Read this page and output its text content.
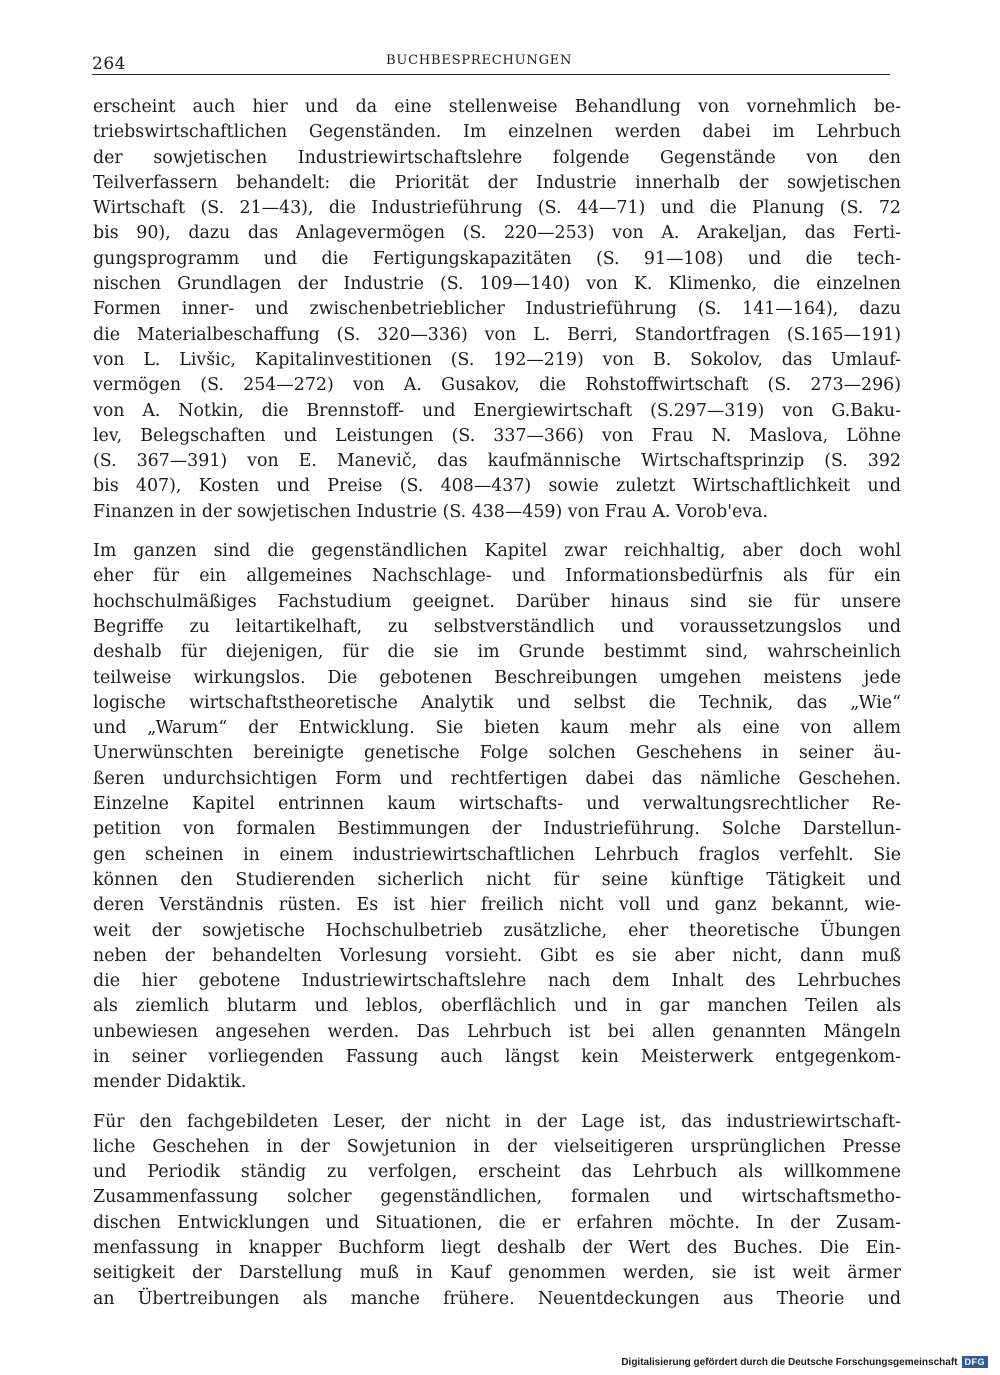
264	BUCHBESPRECHUNGEN
erscheint auch hier und da eine stellenweise Behandlung von vornehmlich be-
triebswirtschaftlichen Gegenständen. Im einzelnen werden dabei im Lehrbuch
der sowjetischen Industriewirtschaftslehre folgende Gegenstände von den
Teilverfassern behandelt: die Priorität der Industrie innerhalb der sowjetischen
Wirtschaft (S. 21—43), die Industrieführung (S. 44—71) und die Planung (S. 72
bis 90), dazu das Anlagevermögen (S. 220—253) von A. Arakeljan, das Ferti-
gungsprogramm und die Fertigungskapazitäten (S. 91—108) und die tech-
nischen Grundlagen der Industrie (S. 109—140) von K. Klimenko, die einzelnen
Formen inner- und zwischenbetrieblicher Industrieführung (S. 141—164), dazu
die Materialbeschaffung (S. 320—336) von L. Berri, Standortfragen (S.165—191)
von L. Livšic, Kapitalinvestitionen (S. 192—219) von B. Sokolov, das Umlauf-
vermögen (S. 254—272) von A. Gusakov, die Rohstoffwirtschaft (S. 273—296)
von A. Notkin, die Brennstoff- und Energiewirtschaft (S.297—319) von G.Baku-
lev, Belegschaften und Leistungen (S. 337—366) von Frau N. Maslova, Löhne
(S. 367—391) von E. Manevič, das kaufmännische Wirtschaftsprinzip (S. 392
bis 407), Kosten und Preise (S. 408—437) sowie zuletzt Wirtschaftlichkeit und
Finanzen in der sowjetischen Industrie (S. 438—459) von Frau A. Vorob'eva.
Im ganzen sind die gegenständlichen Kapitel zwar reichhaltig, aber doch wohl
eher für ein allgemeines Nachschlage- und Informationsbedürfnis als für ein
hochschulmäßiges Fachstudium geeignet. Darüber hinaus sind sie für unsere
Begriffe zu leitartikelhaft, zu selbstverständlich und voraussetzungslos und
deshalb für diejenigen, für die sie im Grunde bestimmt sind, wahrscheinlich
teilweise wirkungslos. Die gebotenen Beschreibungen umgehen meistens jede
logische wirtschaftstheoretische Analytik und selbst die Technik, das „Wie“
und „Warum“ der Entwicklung. Sie bieten kaum mehr als eine von allem
Unerwünschten bereinigte genetische Folge solchen Geschehens in seiner äu-
ßeren undurchsichtigen Form und rechtfertigen dabei das nämliche Geschehen.
Einzelne Kapitel entrinnen kaum wirtschafts- und verwaltungsrechtlicher Re-
petition von formalen Bestimmungen der Industrieführung. Solche Darstellun-
gen scheinen in einem industriewirtschaftlichen Lehrbuch fraglos verfehlt. Sie
können den Studierenden sicherlich nicht für seine künftige Tätigkeit und
deren Verständnis rüsten. Es ist hier freilich nicht voll und ganz bekannt, wie-
weit der sowjetische Hochschulbetrieb zusätzliche, eher theoretische Übungen
neben der behandelten Vorlesung vorsieht. Gibt es sie aber nicht, dann muß
die hier gebotene Industriewirtschaftslehre nach dem Inhalt des Lehrbuches
als ziemlich blutarm und leblos, oberflächlich und in gar manchen Teilen als
unbewiesen angesehen werden. Das Lehrbuch ist bei allen genannten Mängeln
in seiner vorliegenden Fassung auch längst kein Meisterwerk entgegenkom-
mender Didaktik.
Für den fachgebildeten Leser, der nicht in der Lage ist, das industriewirtschaft-
liche Geschehen in der Sowjetunion in der vielseitigeren ursprünglichen Presse
und Periodik ständig zu verfolgen, erscheint das Lehrbuch als willkommene
Zusammenfassung solcher gegenständlichen, formalen und wirtschaftsmetho-
dischen Entwicklungen und Situationen, die er erfahren möchte. In der Zusam-
menfassung in knapper Buchform liegt deshalb der Wert des Buches. Die Ein-
seitigkeit der Darstellung muß in Kauf genommen werden, sie ist weit ärmer
an Übertreibungen als manche frühere. Neuentdeckungen aus Theorie und
Digitalisierung gefördert durch die Deutsche Forschungsgemeinschaft DFG
